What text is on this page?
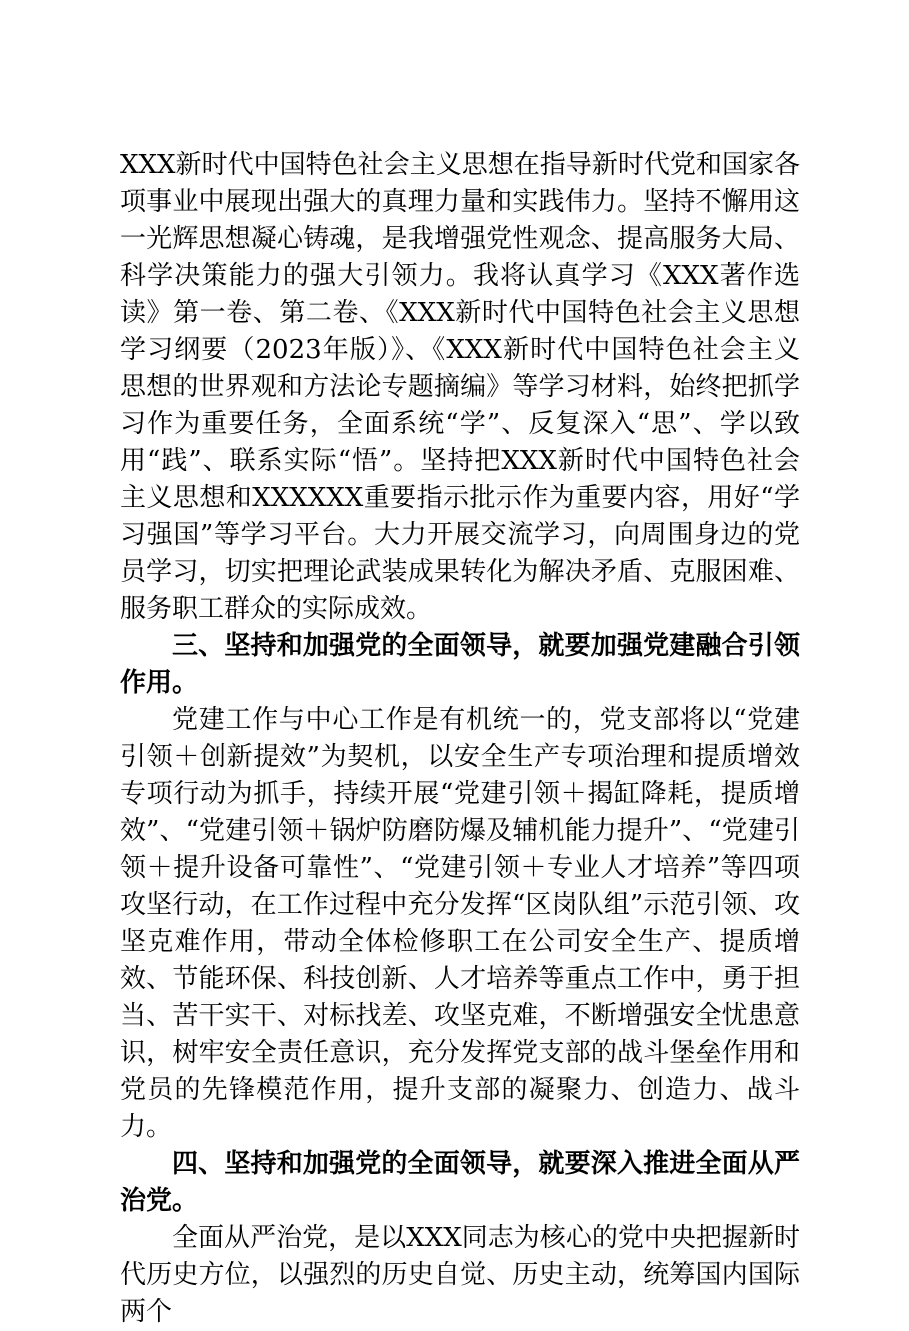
XXX新时代中国特色社会主义思想在指导新时代党和国家各项事业中展现出强大的真理力量和实践伟力。坚持不懈用这一光辉思想凝心铸魂，是我增强党性观念、提高服务大局、科学决策能力的强大引领力。我将认真学习《XXX著作选读》第一卷、第二卷、《XXX新时代中国特色社会主义思想学习纲要（2023年版）》、《XXX新时代中国特色社会主义思想的世界观和方法论专题摘编》等学习材料，始终把抓学习作为重要任务，全面系统“学”、反复深入“思”、学以致用“践”、联系实际“悟”。坚持把XXX新时代中国特色社会主义思想和XXXXXX重要指示批示作为重要内容，用好“学习强国”等学习平台。大力开展交流学习，向周围身边的党员学习，切实把理论武装成果转化为解决矛盾、克服困难、服务职工群众的实际成效。

三、坚持和加强党的全面领导，就要加强党建融合引领作用。

党建工作与中心工作是有机统一的，党支部将以“党建引领＋创新提效”为契机，以安全生产专项治理和提质增效专项行动为抓手，持续开展“党建引领＋揭缸降耗，提质增效”、“党建引领＋锅炉防磨防爆及辅机能力提升”、“党建引领＋提升设备可靠性”、“党建引领＋专业人才培养”等四项攻坚行动，在工作过程中充分发挥“区岗队组”示范引领、攻坚克难作用，带动全体检修职工在公司安全生产、提质增效、节能环保、科技创新、人才培养等重点工作中，勇于担当、苦干实干、对标找差、攻坚克难，不断增强安全忧患意识，树牢安全责任意识，充分发挥党支部的战斗堡垒作用和党员的先锋模范作用，提升支部的凝聚力、创造力、战斗力。

四、坚持和加强党的全面领导，就要深入推进全面从严治党。

全面从严治党，是以XXX同志为核心的党中央把握新时代历史方位，以强烈的历史自觉、历史主动，统筹国内国际两个
